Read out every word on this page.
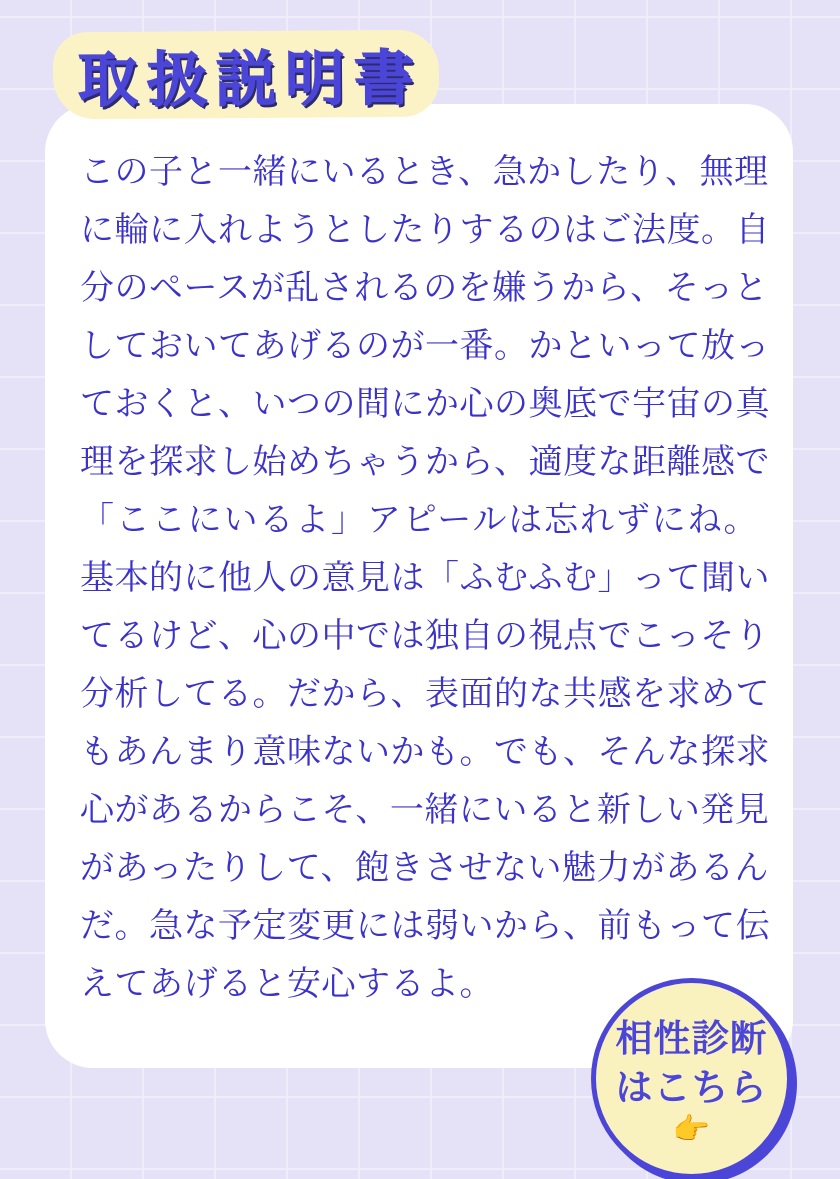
この子と一緒にいるとき、急かしたり、無理
に輪に入れようとしたりするのはご法度。自
分のペースが乱されるのを嫌うから、そっと
しておいてあげるのが一番。かといって放っ
ておくと、いつの間にか心の奥底で宇宙の真
理を探求し始めちゃうから、適度な距離感で
「ここにいるよ」アピールは忘れずにね。
基本的に他人の意見は「ふむふむ」って聞い
てるけど、心の中では独自の視点でこっそり
分析してる。だから、表面的な共感を求めて
もあんまり意味ないかも。でも、そんな探求
心があるからこそ、一緒にいると新しい発見
があったりして、飽きさせない魅力があるん
だ。急な予定変更には弱いから、前もって伝
えてあげると安心するよ。
取扱説明書
相性診断
はこちら
👉
